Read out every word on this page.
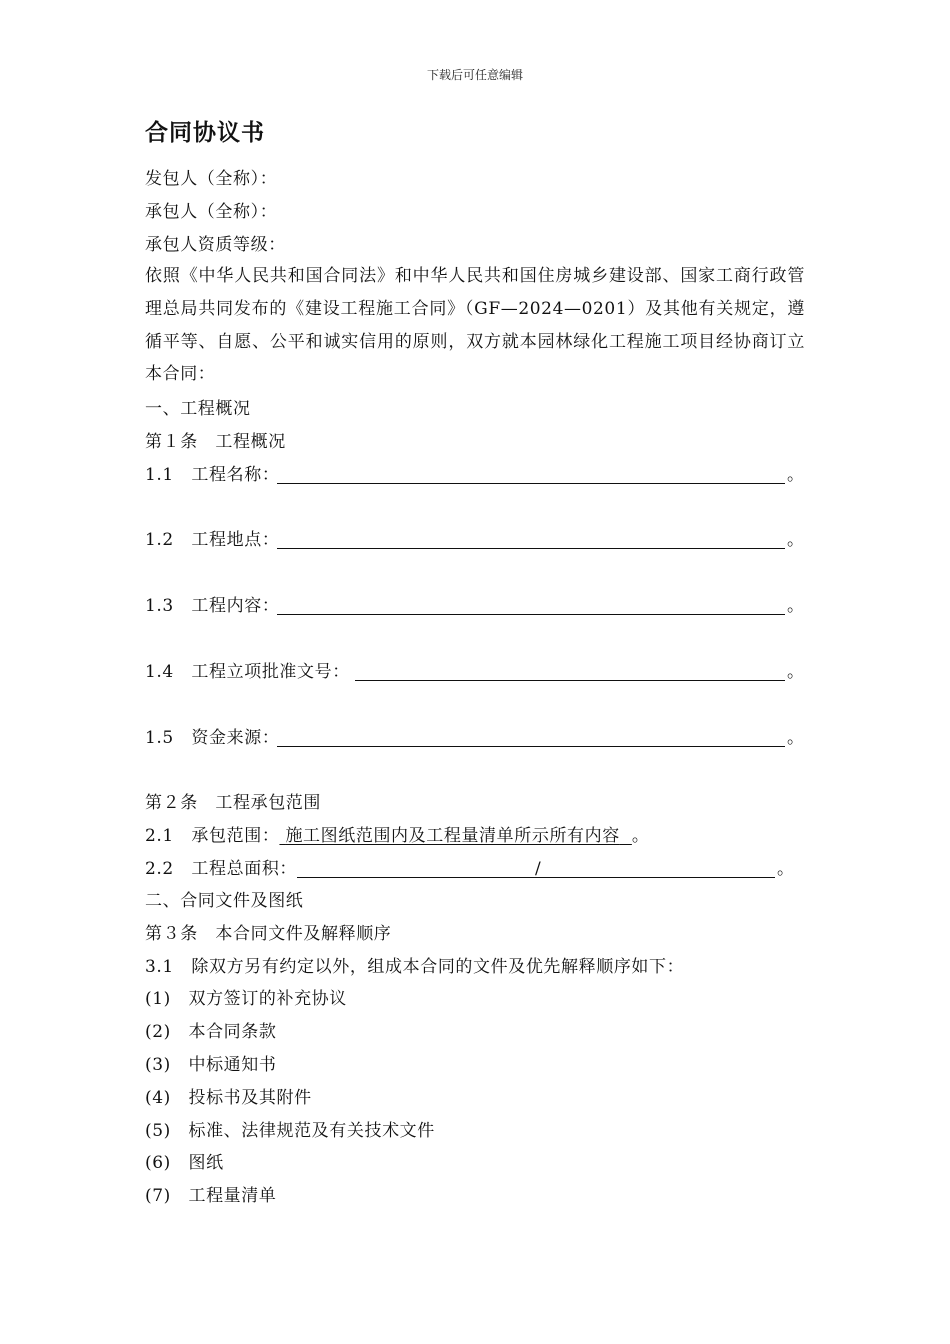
下载后可任意编辑
合同协议书
发包人（全称）：
承包人（全称）：
承包人资质等级：
依照《中华人民共和国合同法》和中华人民共和国住房城乡建设部、国家工商行政管理总局共同发布的《建设工程施工合同》（GF—2024—0201）及其他有关规定，遵循平等、自愿、公平和诚实信用的原则，双方就本园林绿化工程施工项目经协商订立本合同：
一、工程概况
第１条　工程概况
1.1　工程名称：	。
1.2　工程地点：	。
1.3　工程内容：	。
1.4　工程立项批准文号：	。
1.5　资金来源：	。
第２条　工程承包范围
2.1　承包范围： 施工图纸范围内及工程量清单所示所有内容 。
2.2　工程总面积：	/	。
二、合同文件及图纸
第３条　本合同文件及解释顺序
3.1　除双方另有约定以外，组成本合同的文件及优先解释顺序如下：
(1)　双方签订的补充协议
(2)　本合同条款
(3)　中标通知书
(4)　投标书及其附件
(5)　标准、法律规范及有关技术文件
(6)　图纸
(7)　工程量清单
